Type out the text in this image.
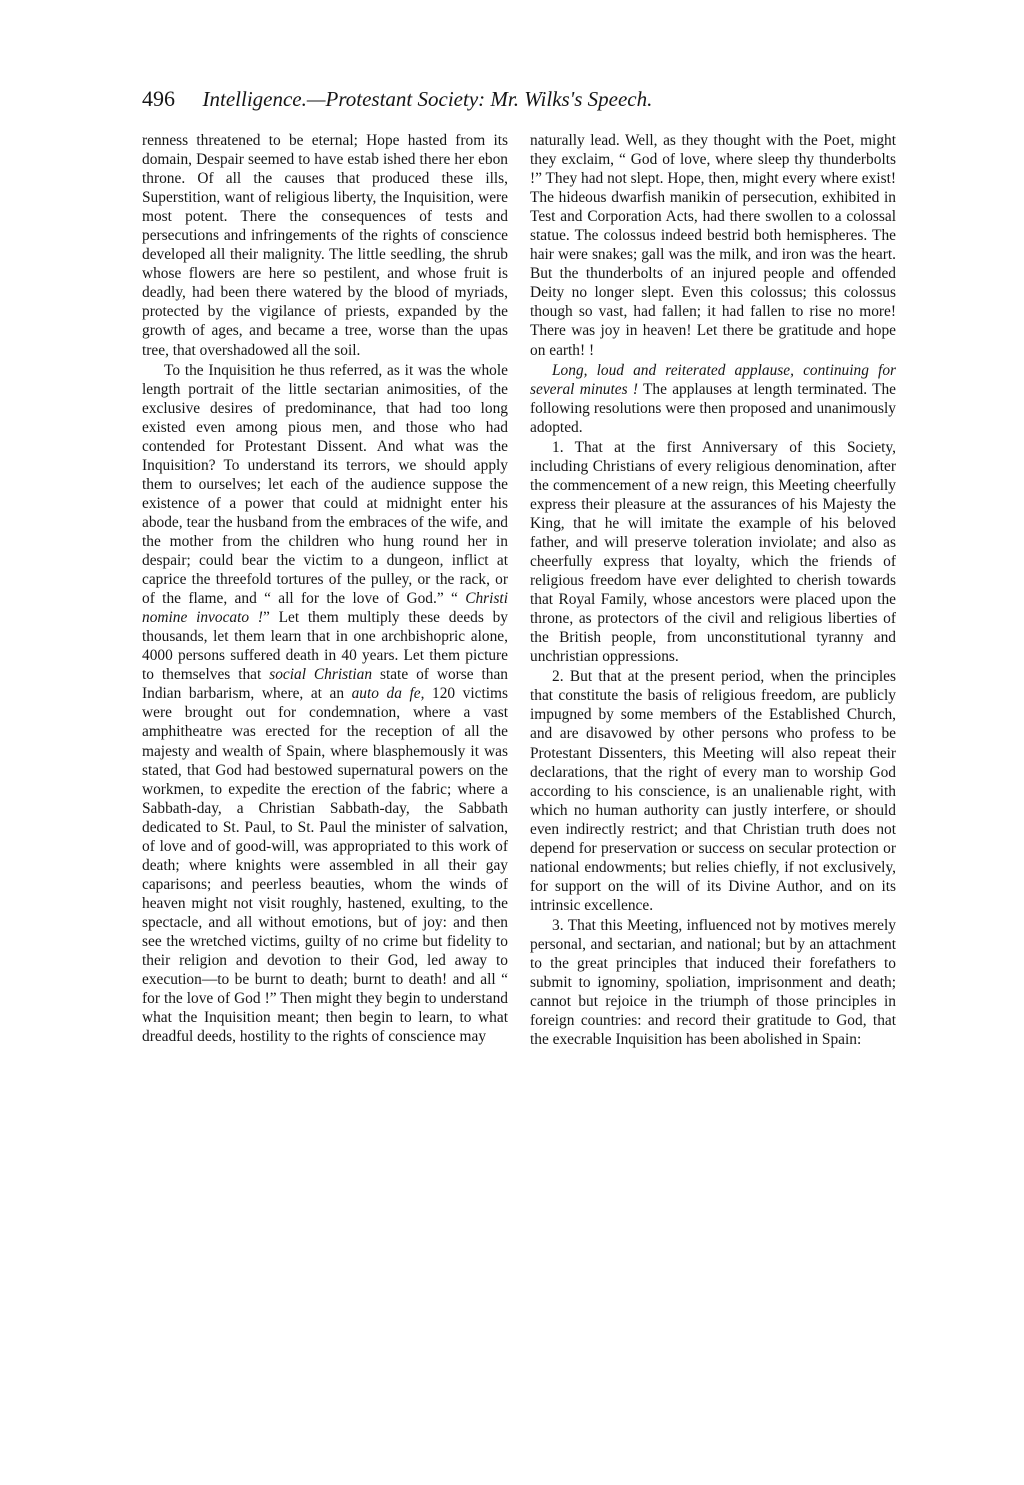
496 Intelligence.—Protestant Society: Mr. Wilks's Speech.

renness threatened to be eternal; Hope hasted from its domain, Despair seemed to have estab ished there her ebon throne. Of all the causes that produced these ills, Superstition, want of religious liberty, the Inquisition, were most potent. There the consequences of tests and persecutions and infringements of the rights of conscience developed all their malignity. The little seedling, the shrub whose flowers are here so pestilent, and whose fruit is deadly, had been there watered by the blood of myriads, protected by the vigilance of priests, expanded by the growth of ages, and became a tree, worse than the upas tree, that overshadowed all the soil.

To the Inquisition he thus referred, as it was the whole length portrait of the little sectarian animosities, of the exclusive desires of predominance, that had too long existed even among pious men, and those who had contended for Protestant Dissent. And what was the Inquisition? To understand its terrors, we should apply them to ourselves; let each of the audience suppose the existence of a power that could at midnight enter his abode, tear the husband from the embraces of the wife, and the mother from the children who hung round her in despair; could bear the victim to a dungeon, inflict at caprice the threefold tortures of the pulley, or the rack, or of the flame, and “ all for the love of God.” “ Christi nomine invocato !” Let them multiply these deeds by thousands, let them learn that in one archbishopric alone, 4000 persons suffered death in 40 years. Let them picture to themselves that social Christian state of worse than Indian barbarism, where, at an auto da fe, 120 victims were brought out for condemnation, where a vast amphitheatre was erected for the reception of all the majesty and wealth of Spain, where blasphemously it was stated, that God had bestowed supernatural powers on the workmen, to expedite the erection of the fabric; where a Sabbath-day, a Christian Sabbath-day, the Sabbath dedicated to St. Paul, to St. Paul the minister of salvation, of love and of good-will, was appropriated to this work of death; where knights were assembled in all their gay caparisons; and peerless beauties, whom the winds of heaven might not visit roughly, hastened, exulting, to the spectacle, and all without emotions, but of joy: and then see the wretched victims, guilty of no crime but fidelity to their religion and devotion to their God, led away to execution—to be burnt to death; burnt to death! and all “ for the love of God !” Then might they begin to understand what the Inquisition meant; then begin to learn, to what dreadful deeds, hostility to the rights of conscience may

naturally lead. Well, as they thought with the Poet, might they exclaim, “ God of love, where sleep thy thunderbolts !” They had not slept. Hope, then, might every where exist! The hideous dwarfish manikin of persecution, exhibited in Test and Corporation Acts, had there swollen to a colossal statue. The colossus indeed bestrid both hemispheres. The hair were snakes; gall was the milk, and iron was the heart. But the thunderbolts of an injured people and offended Deity no longer slept. Even this colossus; this colossus though so vast, had fallen; it had fallen to rise no more! There was joy in heaven! Let there be gratitude and hope on earth! !

Long, loud and reiterated applause, continuing for several minutes ! The applauses at length terminated. The following resolutions were then proposed and unanimously adopted.

1. That at the first Anniversary of this Society, including Christians of every religious denomination, after the commencement of a new reign, this Meeting cheerfully express their pleasure at the assurances of his Majesty the King, that he will imitate the example of his beloved father, and will preserve toleration inviolate; and also as cheerfully express that loyalty, which the friends of religious freedom have ever delighted to cherish towards that Royal Family, whose ancestors were placed upon the throne, as protectors of the civil and religious liberties of the British people, from unconstitutional tyranny and unchristian oppressions.

2. But that at the present period, when the principles that constitute the basis of religious freedom, are publicly impugned by some members of the Established Church, and are disavowed by other persons who profess to be Protestant Dissenters, this Meeting will also repeat their declarations, that the right of every man to worship God according to his conscience, is an unalienable right, with which no human authority can justly interfere, or should even indirectly restrict; and that Christian truth does not depend for preservation or success on secular protection or national endowments; but relies chiefly, if not exclusively, for support on the will of its Divine Author, and on its intrinsic excellence.

3. That this Meeting, influenced not by motives merely personal, and sectarian, and national; but by an attachment to the great principles that induced their forefathers to submit to ignominy, spoliation, imprisonment and death; cannot but rejoice in the triumph of those principles in foreign countries: and record their gratitude to God, that the execrable Inquisition has been abolished in Spain:
